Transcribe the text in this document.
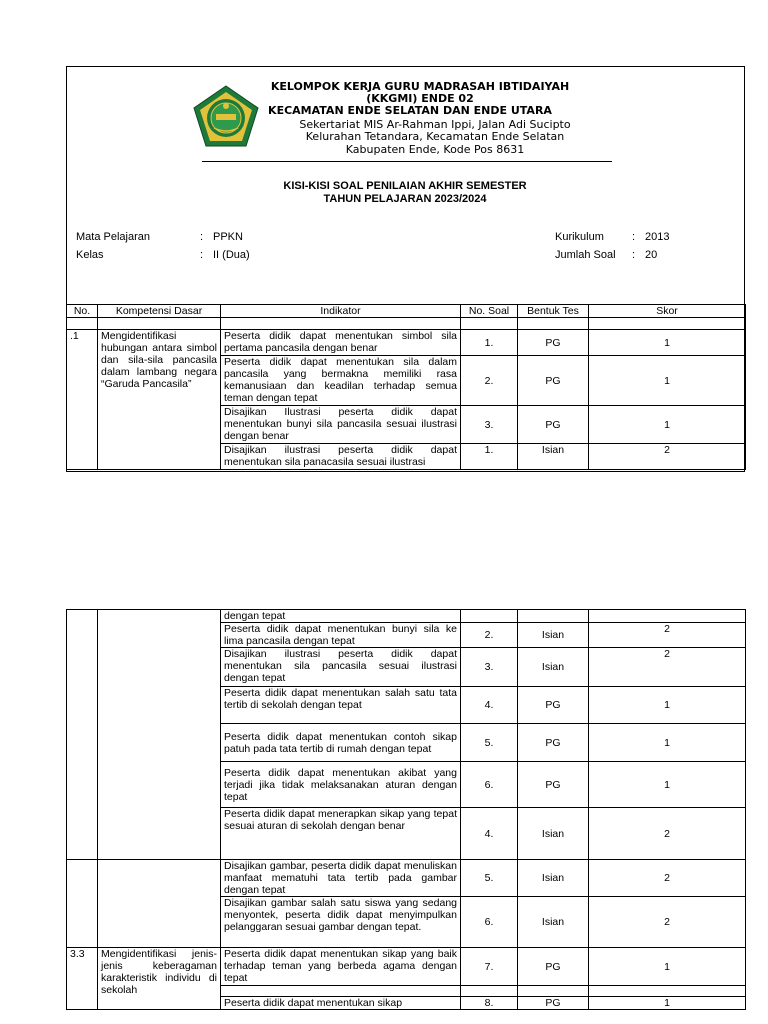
KELOMPOK KERJA GURU MADRASAH IBTIDAIYAH
(KKGMI) ENDE 02
KECAMATAN ENDE SELATAN DAN ENDE UTARA
Sekertariat MIS Ar-Rahman Ippi, Jalan Adi Sucipto
Kelurahan Tetandara, Kecamatan Ende Selatan
Kabupaten Ende, Kode Pos 8631
KISI-KISI SOAL PENILAIAN AKHIR SEMESTER
TAHUN PELAJARAN 2023/2024
Mata Pelajaran	: PPKN
Kelas	: II (Dua)
Kurikulum	: 2013
Jumlah Soal : 20
No.	Kompetensi Dasar	Indikator	No. Soal	Bentuk Tes	Skor

.1	Mengidentifikasi hubungan antara simbol dan sila-sila pancasila dalam lambang negara “Garuda Pancasila”	Peserta didik dapat menentukan simbol sila pertama pancasila dengan benar	1.	PG	1
		Peserta didik dapat menentukan sila dalam pancasila yang bermakna memiliki rasa kemanusiaan dan keadilan terhadap semua teman dengan tepat	2.	PG	1
		Disajikan Ilustrasi peserta didik dapat menentukan bunyi sila pancasila sesuai ilustrasi dengan benar	3.	PG	1
		Disajikan ilustrasi peserta didik dapat menentukan sila panacasila sesuai ilustrasi	1.	Isian	2
		dengan tepat			
		Peserta didik dapat menentukan bunyi sila ke lima pancasila dengan tepat	2.	Isian	2
		Disajikan ilustrasi peserta didik dapat menentukan sila pancasila sesuai ilustrasi dengan tepat	3.	Isian	2
		Peserta didik dapat menentukan salah satu tata tertib di sekolah dengan tepat	4.	PG	1
		Peserta didik dapat menentukan contoh sikap patuh pada tata tertib di rumah dengan tepat	5.	PG	1
		Peserta didik dapat menentukan akibat yang terjadi jika tidak melaksanakan aturan dengan tepat	6.	PG	1
		Peserta didik dapat menerapkan sikap yang tepat sesuai aturan di sekolah dengan benar	4.	Isian	2
		Disajikan gambar, peserta didik dapat menuliskan manfaat mematuhi tata tertib pada gambar dengan tepat	5.	Isian	2
		Disajikan gambar salah satu siswa yang sedang menyontek, peserta didik dapat menyimpulkan pelanggaran sesuai gambar dengan tepat.	6.	Isian	2
3.3	Mengidentifikasi jenis-jenis keberagaman karakteristik individu di sekolah	Peserta didik dapat menentukan sikap yang baik terhadap teman yang berbeda agama dengan tepat	7.	PG	1

		Peserta didik dapat menentukan sikap	8.	PG	1
